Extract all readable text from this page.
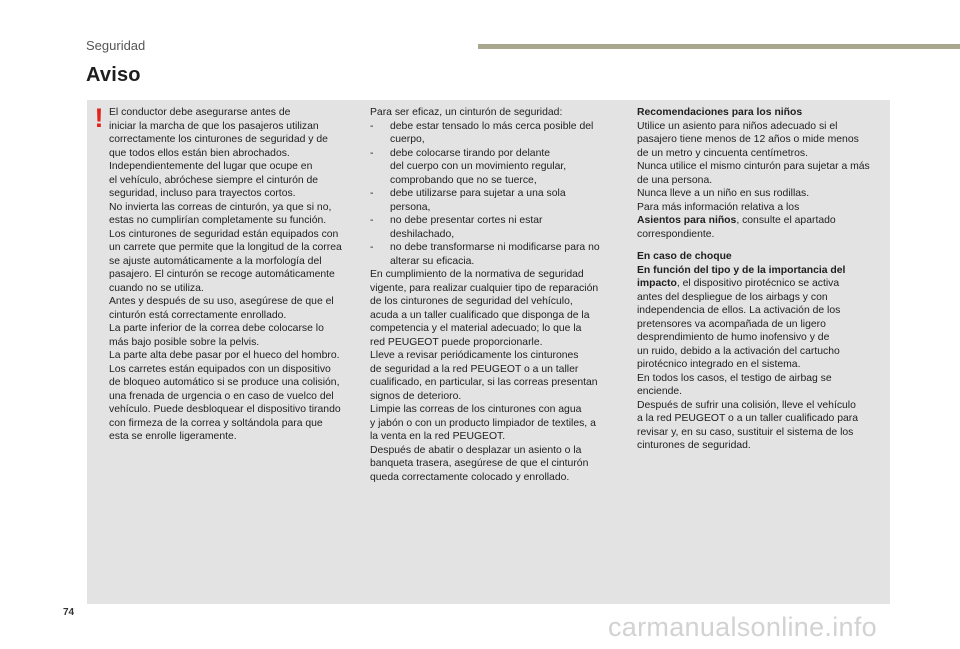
Seguridad
Aviso
! El conductor debe asegurarse antes de

iniciar la marcha de que los pasajeros utilizan

correctamente los cinturones de seguridad y de

que todos ellos están bien abrochados.

Independientemente del lugar que ocupe en

el vehículo, abróchese siempre el cinturón de

seguridad, incluso para trayectos cortos.

No invierta las correas de cinturón, ya que si no,

estas no cumplirían completamente su función.

Los cinturones de seguridad están equipados con

un carrete que permite que la longitud de la correa

se ajuste automáticamente a la morfología del

pasajero. El cinturón se recoge automáticamente

cuando no se utiliza.

Antes y después de su uso, asegúrese de que el

cinturón está correctamente enrollado.

La parte inferior de la correa debe colocarse lo

más bajo posible sobre la pelvis.

La parte alta debe pasar por el hueco del hombro.

Los carretes están equipados con un dispositivo

de bloqueo automático si se produce una colisión,

una frenada de urgencia o en caso de vuelco del

vehículo. Puede desbloquear el dispositivo tirando

con firmeza de la correa y soltándola para que

esta se enrolle ligeramente.

Para ser eficaz, un cinturón de seguridad:

-	debe estar tensado lo más cerca posible del

cuerpo,

-	debe colocarse tirando por delante

del cuerpo con un movimiento regular,

comprobando que no se tuerce,

-	debe utilizarse para sujetar a una sola

persona,

-	no debe presentar cortes ni estar

deshilachado,

-	no debe transformarse ni modificarse para no

alterar su eficacia.

En cumplimiento de la normativa de seguridad

vigente, para realizar cualquier tipo de reparación

de los cinturones de seguridad del vehículo,

acuda a un taller cualificado que disponga de la

competencia y el material adecuado; lo que la

red PEUGEOT puede proporcionarle.

Lleve a revisar periódicamente los cinturones

de seguridad a la red PEUGEOT o a un taller

cualificado, en particular, si las correas presentan

signos de deterioro.

Limpie las correas de los cinturones con agua

y jabón o con un producto limpiador de textiles, a

la venta en la red PEUGEOT.

Después de abatir o desplazar un asiento o la

banqueta trasera, asegúrese de que el cinturón

queda correctamente colocado y enrollado.

Recomendaciones para los niños

Utilice un asiento para niños adecuado si el

pasajero tiene menos de 12 años o mide menos

de un metro y cincuenta centímetros.

Nunca utilice el mismo cinturón para sujetar a más

de una persona.

Nunca lleve a un niño en sus rodillas.

Para más información relativa a los

Asientos para niños, consulte el apartado

correspondiente.

En caso de choque

En función del tipo y de la importancia del

impacto, el dispositivo pirotécnico se activa

antes del despliegue de los airbags y con

independencia de ellos. La activación de los

pretensores va acompañada de un ligero

desprendimiento de humo inofensivo y de

un ruido, debido a la activación del cartucho

pirotécnico integrado en el sistema.

En todos los casos, el testigo de airbag se

enciende.

Después de sufrir una colisión, lleve el vehículo

a la red PEUGEOT o a un taller cualificado para

revisar y, en su caso, sustituir el sistema de los

cinturones de seguridad.

74	carmanualsonline.info
